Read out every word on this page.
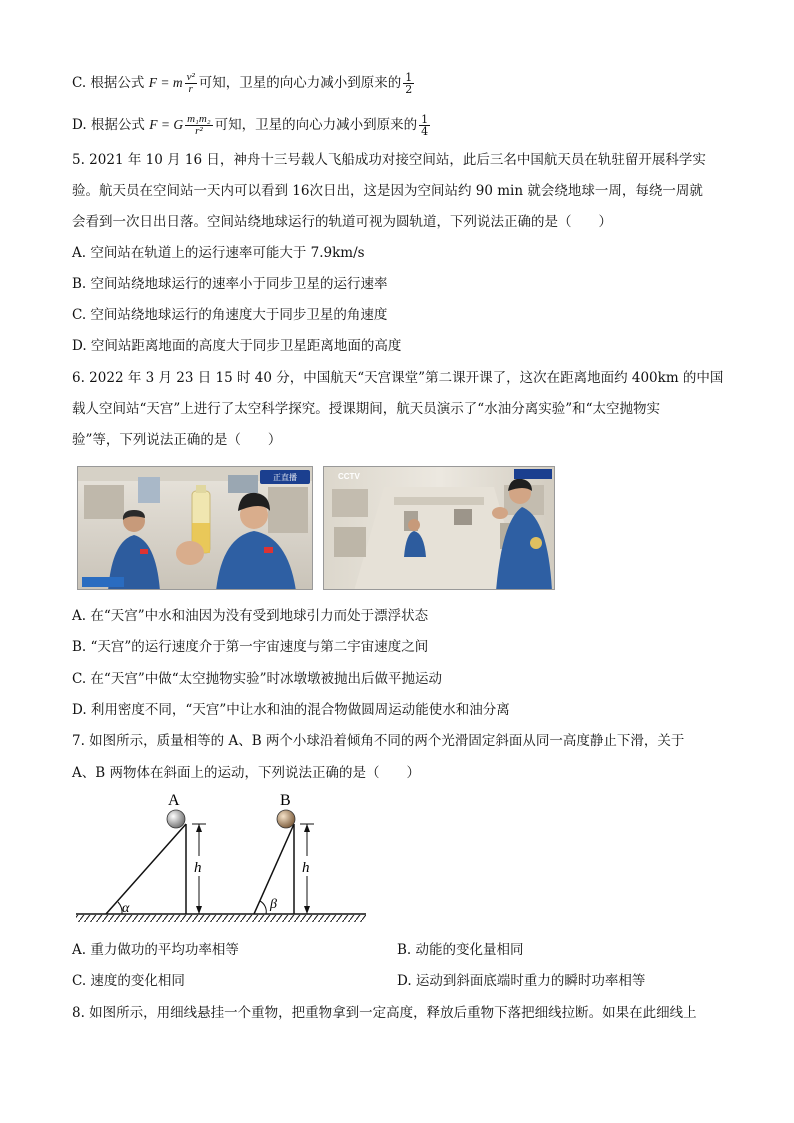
C. 根据公式 F = m $\frac{\text{v²}}{r}$ 可知，卫星的向心力减小到原来的 $\frac{1}{2}$
D. 根据公式 F = G $\frac{\text{m₁m₂}}{\text{r²}}$ 可知，卫星的向心力减小到原来的 $\frac{1}{4}$
5. 2021 年 10 月 16 日，神舟十三号载人飞船成功对接空间站，此后三名中国航天员在轨驻留开展科学实
验。航天员在空间站一天内可以看到 16次日出，这是因为空间站约 90 min 就会绕地球一周，每绕一周就
会看到一次日出日落。空间站绕地球运行的轨道可视为圆轨道，下列说法正确的是（　　）
A. 空间站在轨道上的运行速率可能大于 7.9km/s
B. 空间站绕地球运行的速率小于同步卫星的运行速率
C. 空间站绕地球运行的角速度大于同步卫星的角速度
D. 空间站距离地面的高度大于同步卫星距离地面的高度
6. 2022 年 3 月 23 日 15 时 40 分，中国航天“天宫课堂”第二课开课了，这次在距离地面约 400km 的中国
载人空间站“天宫”上进行了太空科学探究。授课期间，航天员演示了“水油分离实验”和“太空抛物实
验”等，下列说法正确的是（　　）
正直播	CCTV
A. 在“天宫”中水和油因为没有受到地球引力而处于漂浮状态
B. “天宫”的运行速度介于第一宇宙速度与第二宇宙速度之间
C. 在“天宫”中做“太空抛物实验”时冰墩墩被抛出后做平抛运动
D. 利用密度不同，“天宫”中让水和油的混合物做圆周运动能使水和油分离
7. 如图所示，质量相等的 A、B 两个小球沿着倾角不同的两个光滑固定斜面从同一高度静止下滑，关于
A、B 两物体在斜面上的运动，下列说法正确的是（　　）
α
A
h
β
B
h
A. 重力做功的平均功率相等	B. 动能的变化量相同
C. 速度的变化相同	D. 运动到斜面底端时重力的瞬时功率相等
8. 如图所示，用细线悬挂一个重物，把重物拿到一定高度，释放后重物下落把细线拉断。如果在此细线上
